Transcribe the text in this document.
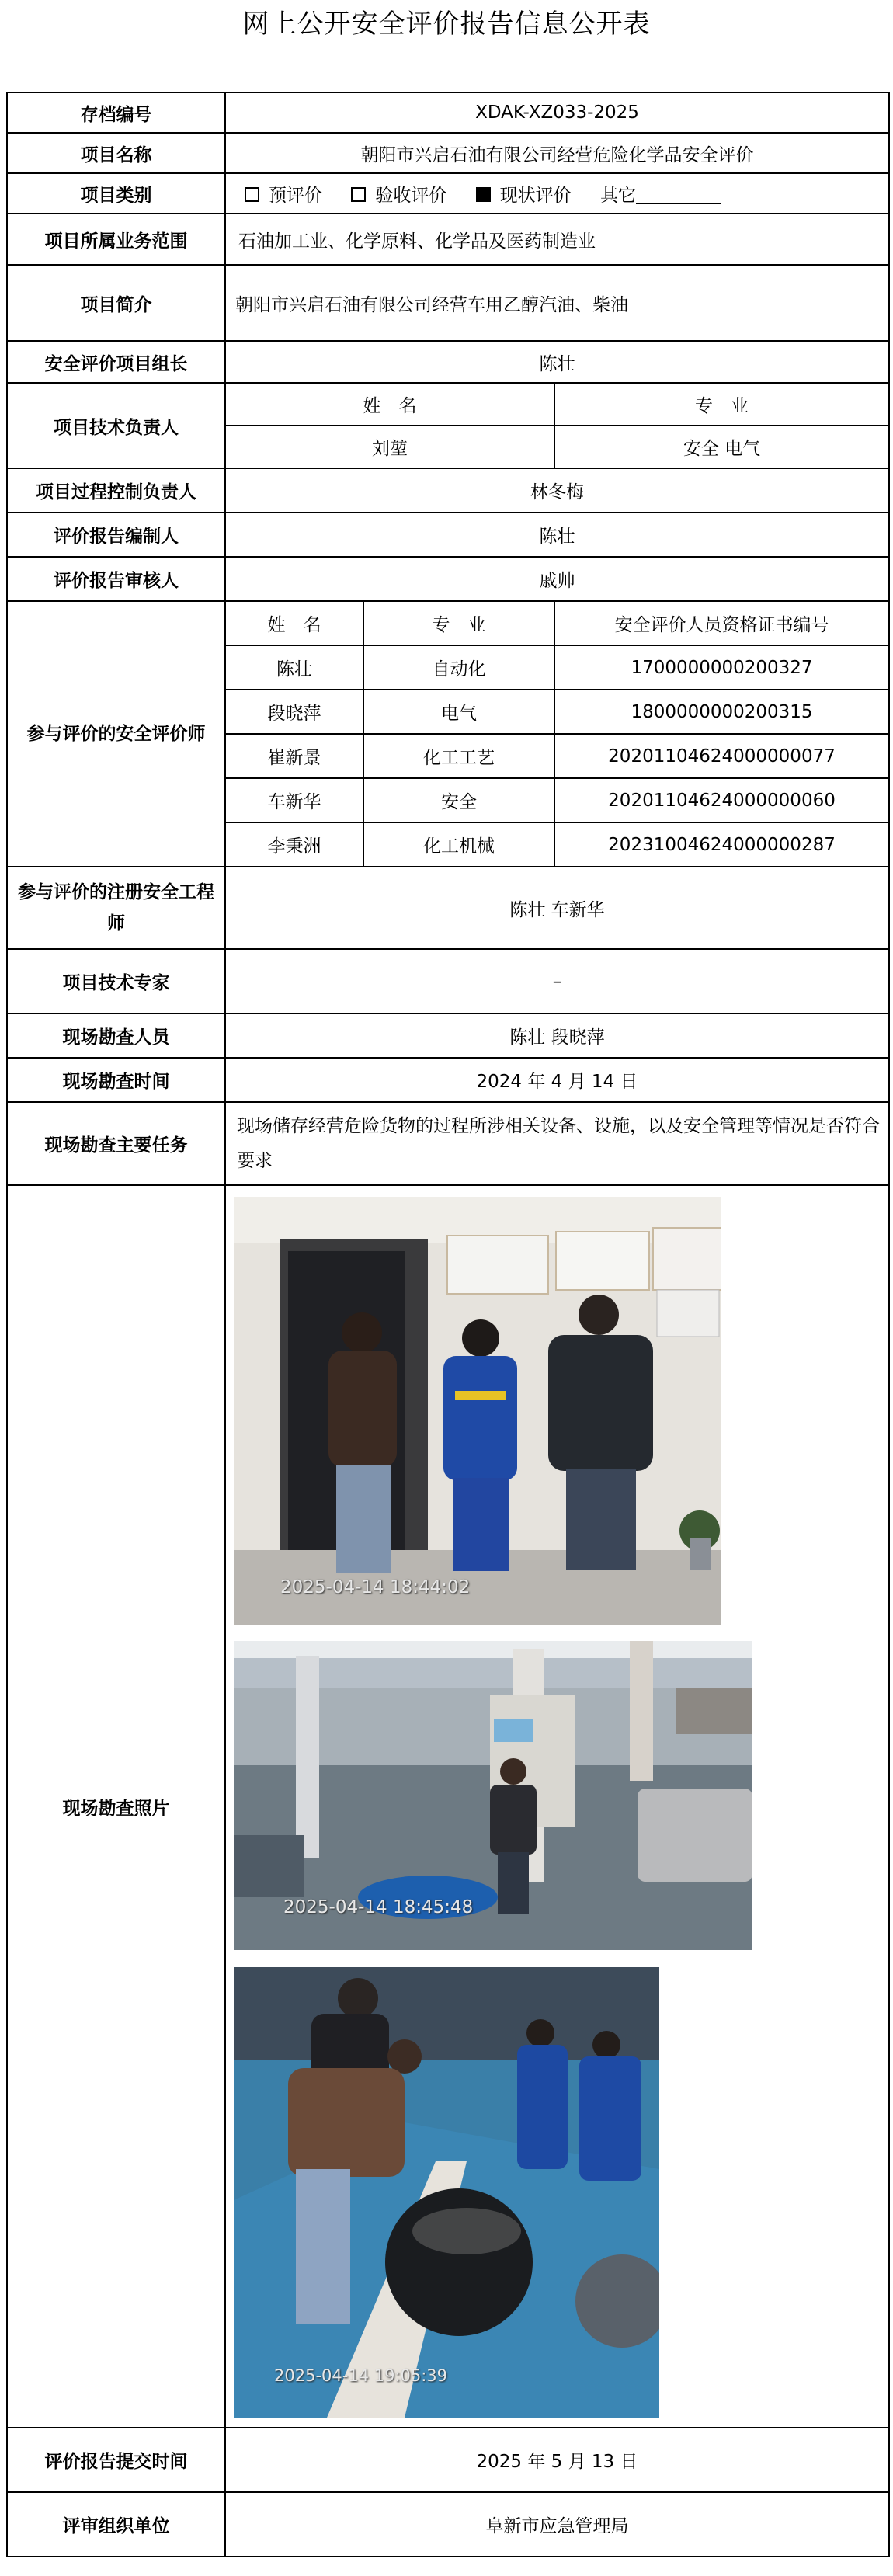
网上公开安全评价报告信息公开表
存档编号	XDAK-XZ033-2025		
项目名称	朝阳市兴启石油有限公司经营危险化学品安全评价		
项目类别	预评价 验收评价 现状评价 其它		
项目所属业务范围	石油加工业、化学原料、化学品及医药制造业		
项目简介	朝阳市兴启石油有限公司经营车用乙醇汽油、柴油		
安全评价项目组长	陈壮		
项目技术负责人	姓　名		专　业
	刘堃		安全 电气
项目过程控制负责人	林冬梅		
评价报告编制人	陈壮		
评价报告审核人	戚帅		
参与评价的安全评价师	姓　名	专　业	安全评价人员资格证书编号
	陈壮	自动化	1700000000200327
	段晓萍	电气	1800000000200315
	崔新景	化工工艺	20201104624000000077
	车新华	安全	20201104624000000060
	李秉洲	化工机械	20231004624000000287
参与评价的注册安全工程师	陈壮 车新华		
项目技术专家	–		
现场勘查人员	陈壮 段晓萍		
现场勘查时间	2024 年 4 月 14 日		
现场勘查主要任务	现场储存经营危险货物的过程所涉相关设备、设施，以及安全管理等情况是否符合要求		
现场勘查照片	2025-04-14 18:44:02
2025-04-14 18:45:48
2025-04-14 19:05:39		

评价报告提交时间	2025 年 5 月 13 日		
评审组织单位	阜新市应急管理局		
